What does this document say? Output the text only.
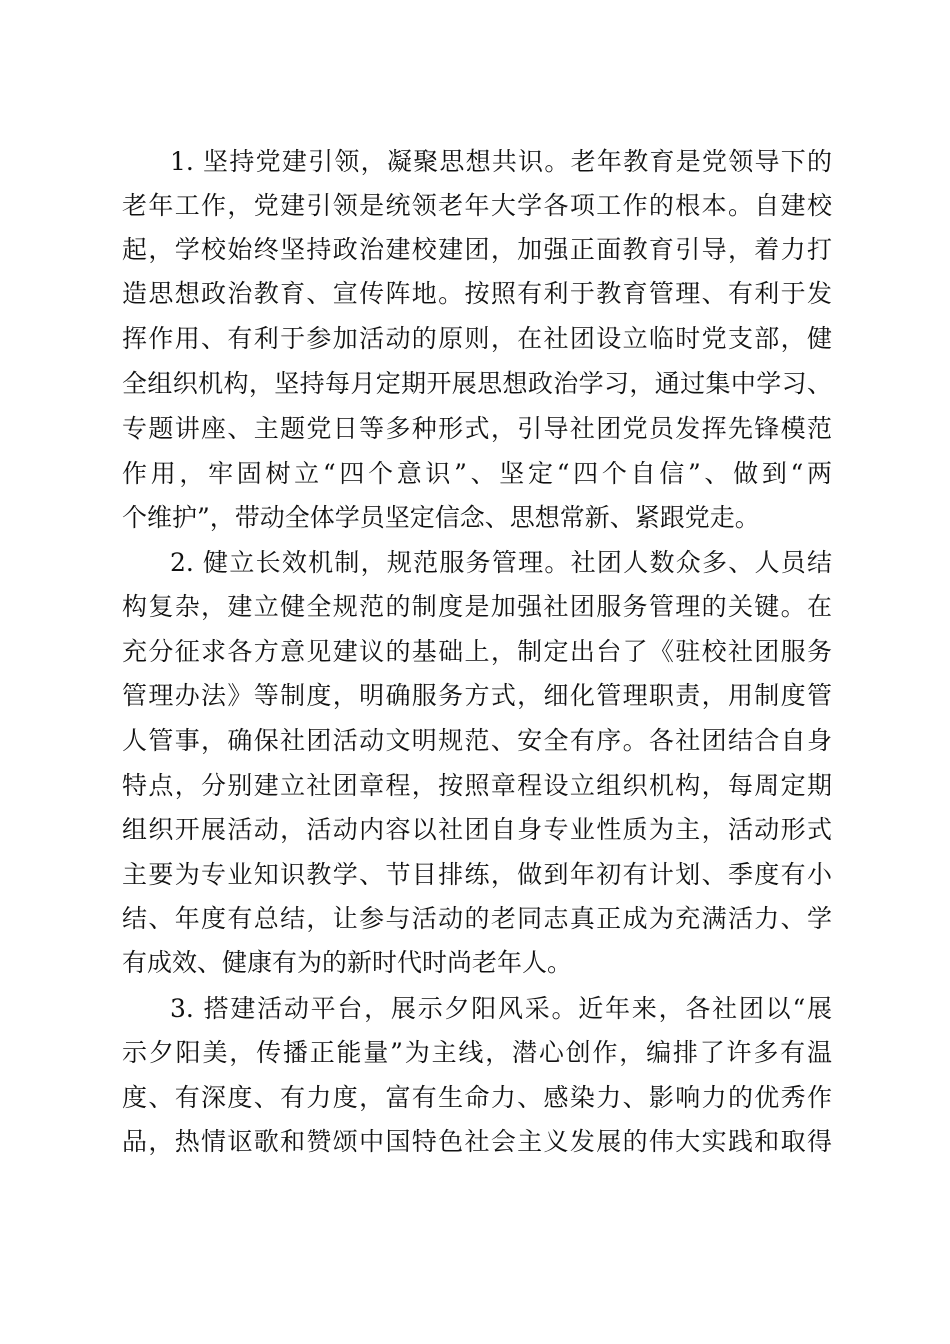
1. 坚持党建引领，凝聚思想共识。老年教育是党领导下的
老年工作，党建引领是统领老年大学各项工作的根本。自建校
起，学校始终坚持政治建校建团，加强正面教育引导，着力打
造思想政治教育、宣传阵地。按照有利于教育管理、有利于发
挥作用、有利于参加活动的原则，在社团设立临时党支部，健
全组织机构，坚持每月定期开展思想政治学习，通过集中学习、
专题讲座、主题党日等多种形式，引导社团党员发挥先锋模范
作用，牢固树立“四个意识”、坚定“四个自信”、做到“两
个维护”，带动全体学员坚定信念、思想常新、紧跟党走。
2. 健立长效机制，规范服务管理。社团人数众多、人员结
构复杂，建立健全规范的制度是加强社团服务管理的关键。在
充分征求各方意见建议的基础上，制定出台了《驻校社团服务
管理办法》等制度，明确服务方式，细化管理职责，用制度管
人管事，确保社团活动文明规范、安全有序。各社团结合自身
特点，分别建立社团章程，按照章程设立组织机构，每周定期
组织开展活动，活动内容以社团自身专业性质为主，活动形式
主要为专业知识教学、节目排练，做到年初有计划、季度有小
结、年度有总结，让参与活动的老同志真正成为充满活力、学
有成效、健康有为的新时代时尚老年人。
3. 搭建活动平台，展示夕阳风采。近年来，各社团以“展
示夕阳美，传播正能量”为主线，潜心创作，编排了许多有温
度、有深度、有力度，富有生命力、感染力、影响力的优秀作
品，热情讴歌和赞颂中国特色社会主义发展的伟大实践和取得
